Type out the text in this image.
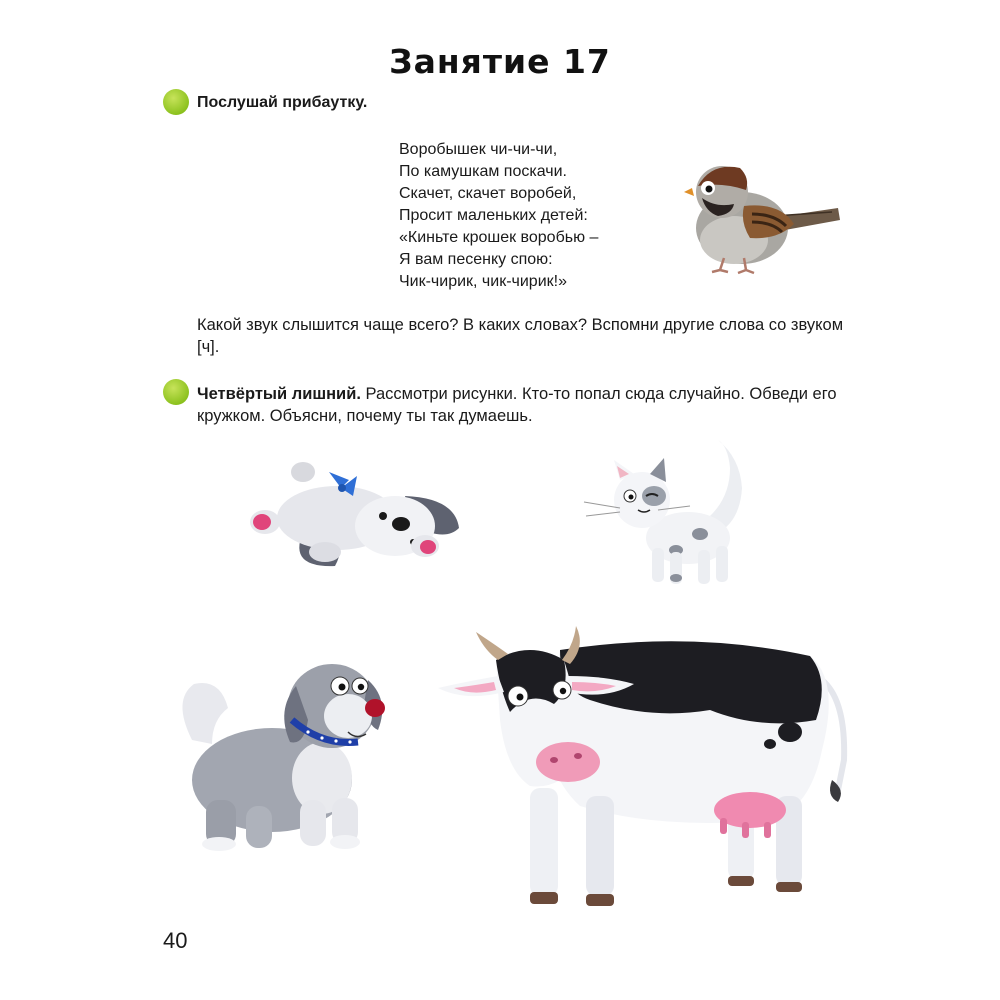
Занятие 17
Послушай прибаутку.
Воробышек чи-чи-чи,
По камушкам поскачи.
Скачет, скачет воробей,
Просит маленьких детей:
«Киньте крошек воробью –
Я вам песенку спою:
Чик-чирик, чик-чирик!»
Какой звук слышится чаще всего? В каких словах? Вспомни другие слова со звуком [ч].
Четвёртый лишний. Рассмотри рисунки. Кто-то попал сюда случайно. Обведи его кружком. Объясни, почему ты так думаешь.
40
